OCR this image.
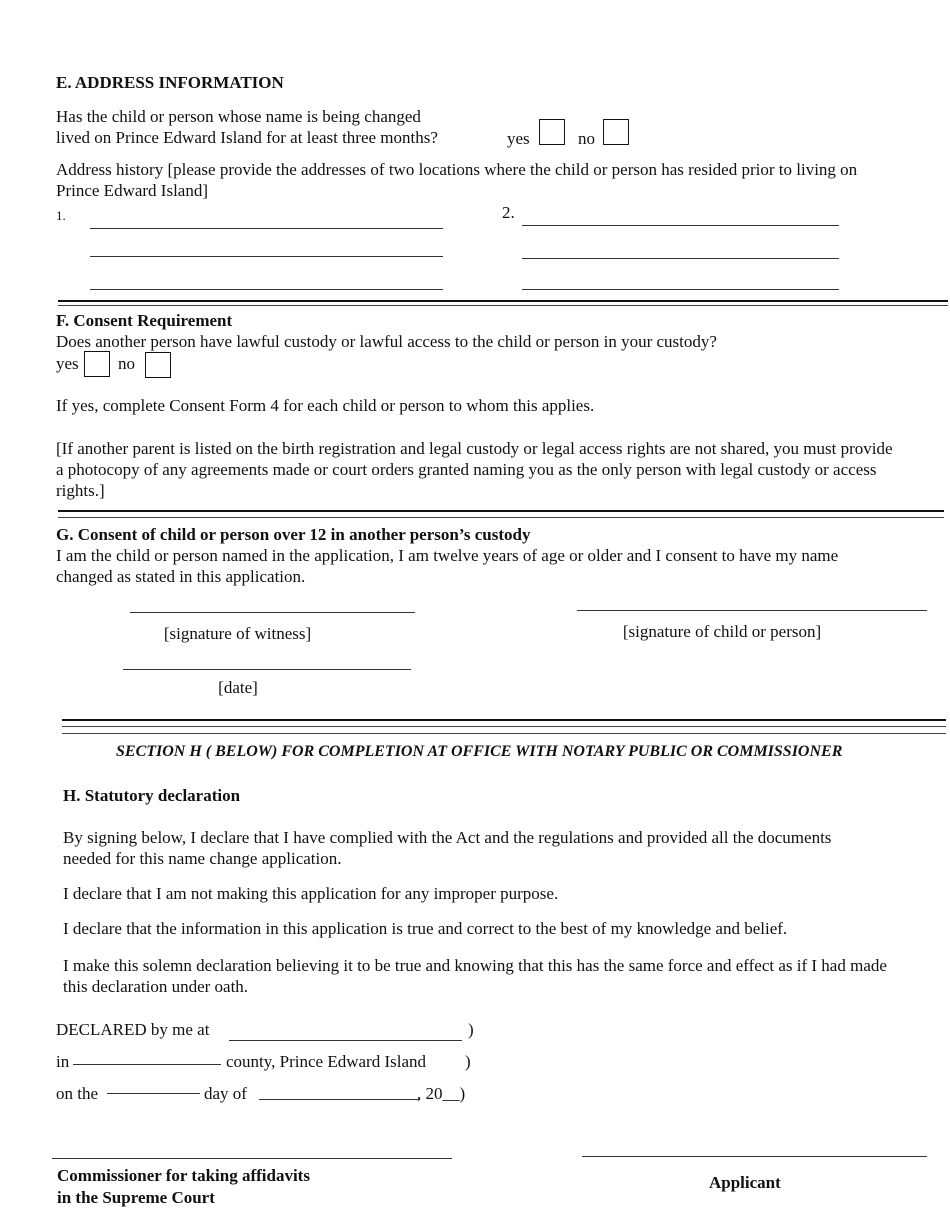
E. ADDRESS INFORMATION
Has the child or person whose name is being changed
lived on Prince Edward Island for at least three months?	yes	no
Address history [please provide the addresses of two locations where the child or person has resided prior to living on Prince Edward Island]
1.	2.
F. Consent Requirement
Does another person have lawful custody or lawful access to the child or person in your custody?
yes no
If yes, complete Consent Form 4 for each child or person to whom this applies.
[If another parent is listed on the birth registration and legal custody or legal access rights are not shared, you must provide a photocopy of any agreements made or court orders granted naming you as the only person with legal custody or access rights.]
G. Consent of child or person over 12 in another person’s custody
I am the child or person named in the application, I am twelve years of age or older and I consent to have my name changed as stated in this application.
[signature of witness]	[signature of child or person]
[date]
SECTION H ( BELOW) FOR COMPLETION AT OFFICE WITH NOTARY PUBLIC OR COMMISSIONER
H. Statutory declaration
By signing below, I declare that I have complied with the Act and the regulations and provided all the documents needed for this name change application.
I declare that I am not making this application for any improper purpose.
I declare that the information in this application is true and correct to the best of my knowledge and belief.
I make this solemn declaration believing it to be true and knowing that this has the same force and effect as if I had made this declaration under oath.
DECLARED by me at	)
in	county, Prince Edward Island )
on the	day of	, 20__)
Commissioner for taking affidavits
in the Supreme Court
Applicant
